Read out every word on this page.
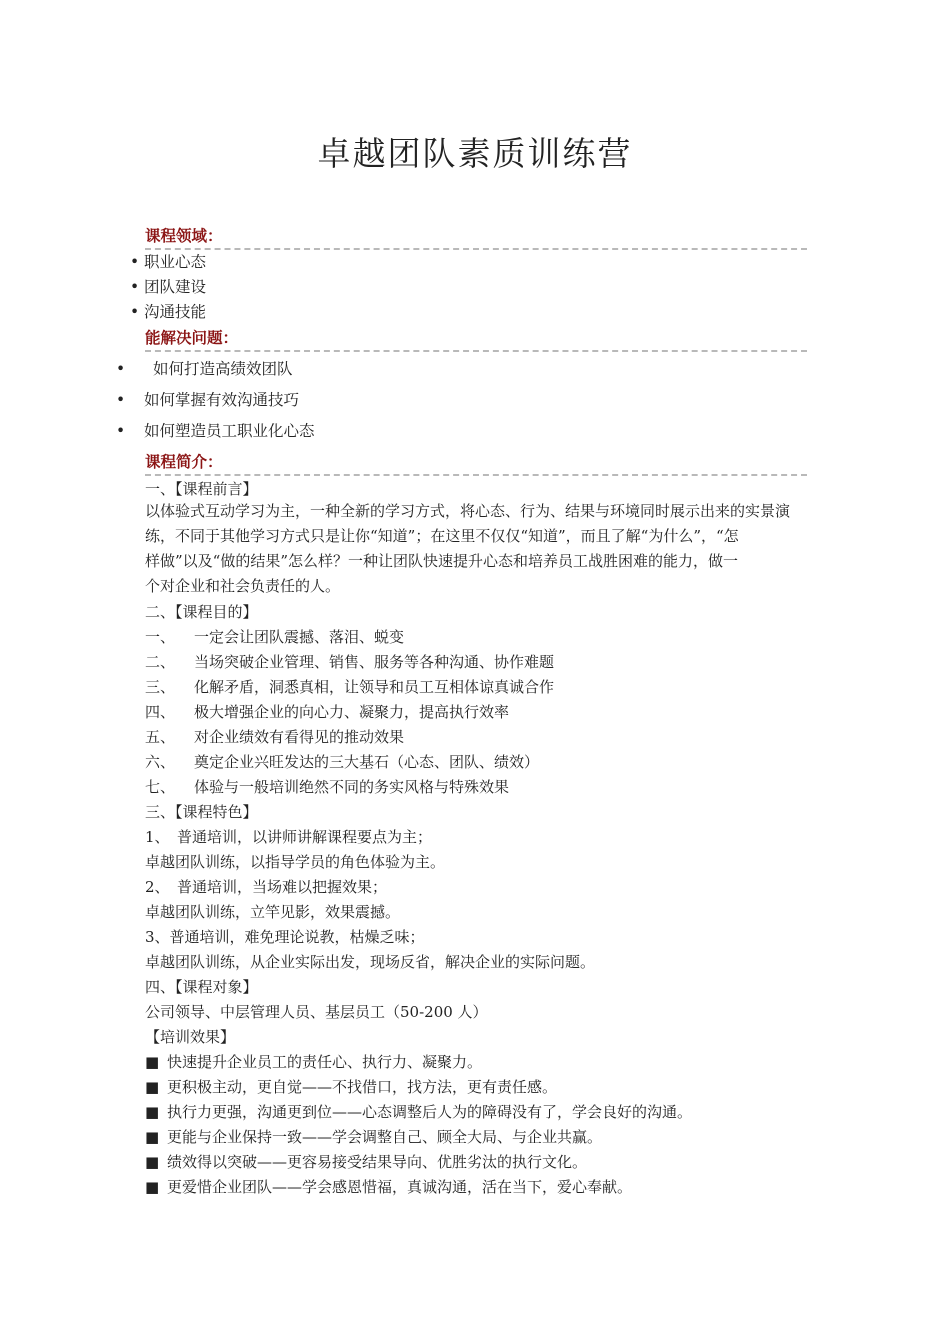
卓越团队素质训练营
课程领域：
• 职业心态
• 团队建设
• 沟通技能
能解决问题：
• 如何打造高绩效团队
• 如何掌握有效沟通技巧
• 如何塑造员工职业化心态
课程简介：
一、【课程前言】
以体验式互动学习为主，一种全新的学习方式，将心态、行为、结果与环境同时展示出来的实景演
练，不同于其他学习方式只是让你“知道”；在这里不仅仅“知道”，而且了解“为什么”，“怎
样做”以及“做的结果”怎么样？一种让团队快速提升心态和培养员工战胜困难的能力，做一
个对企业和社会负责任的人。
二、【课程目的】
一、 一定会让团队震撼、落泪、蜕变
二、 当场突破企业管理、销售、服务等各种沟通、协作难题
三、 化解矛盾，洞悉真相，让领导和员工互相体谅真诚合作
四、 极大增强企业的向心力、凝聚力，提高执行效率
五、 对企业绩效有看得见的推动效果
六、 奠定企业兴旺发达的三大基石（心态、团队、绩效）
七、 体验与一般培训绝然不同的务实风格与特殊效果
三、【课程特色】
1、　普通培训，以讲师讲解课程要点为主；
卓越团队训练，以指导学员的角色体验为主。
2、　普通培训，当场难以把握效果；
卓越团队训练，立竿见影，效果震撼。
3、普通培训，难免理论说教，枯燥乏味；
卓越团队训练，从企业实际出发，现场反省，解决企业的实际问题。
四、【课程对象】
公司领导、中层管理人员、基层员工（50-200 人）
【培训效果】
■ 快速提升企业员工的责任心、执行力、凝聚力。
■ 更积极主动，更自觉——不找借口，找方法，更有责任感。
■ 执行力更强，沟通更到位——心态调整后人为的障碍没有了，学会良好的沟通。
■ 更能与企业保持一致——学会调整自己、顾全大局、与企业共赢。
■ 绩效得以突破——更容易接受结果导向、优胜劣汰的执行文化。
■ 更爱惜企业团队——学会感恩惜福，真诚沟通，活在当下，爱心奉献。
